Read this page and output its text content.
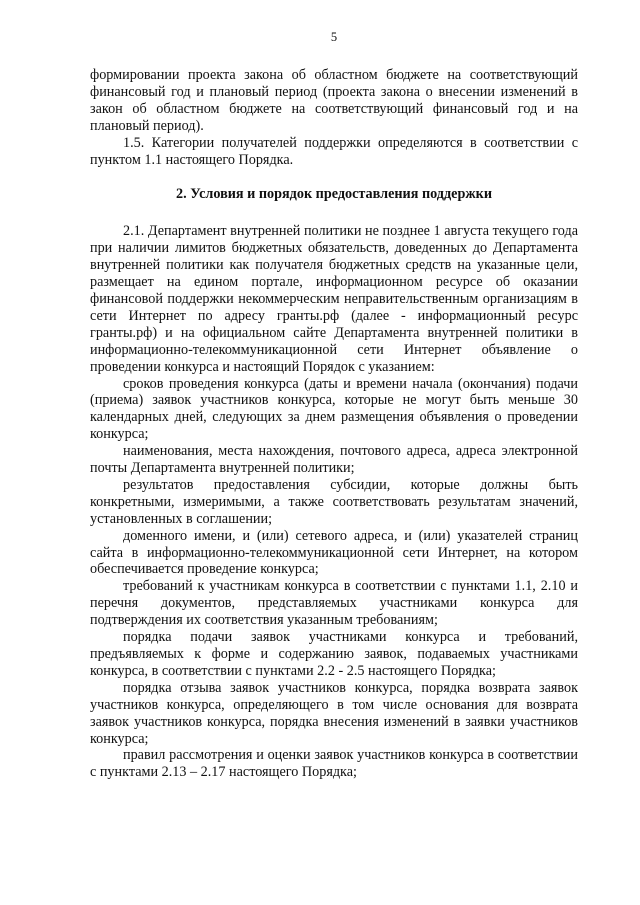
5

формировании проекта закона об областном бюджете на соответствующий финансовый год и плановый период (проекта закона о внесении изменений в закон об областном бюджете на соответствующий финансовый год и на плановый период).

1.5. Категории получателей поддержки определяются в соответствии с пунктом 1.1 настоящего Порядка.

2. Условия и порядок предоставления поддержки

2.1. Департамент внутренней политики не позднее 1 августа текущего года при наличии лимитов бюджетных обязательств, доведенных до Департамента внутренней политики как получателя бюджетных средств на указанные цели, размещает на едином портале, информационном ресурсе об оказании финансовой поддержки некоммерческим неправительственным организациям в сети Интернет по адресу гранты.рф (далее - информационный ресурс гранты.рф) и на официальном сайте Департамента внутренней политики в информационно-телекоммуникационной сети Интернет объявление о проведении конкурса и настоящий Порядок с указанием:

сроков проведения конкурса (даты и времени начала (окончания) подачи (приема) заявок участников конкурса, которые не могут быть меньше 30 календарных дней, следующих за днем размещения объявления о проведении конкурса;

наименования, места нахождения, почтового адреса, адреса электронной почты Департамента внутренней политики;

результатов предоставления субсидии, которые должны быть конкретными, измеримыми, а также соответствовать результатам значений, установленных в соглашении;

доменного имени, и (или) сетевого адреса, и (или) указателей страниц сайта в информационно-телекоммуникационной сети Интернет, на котором обеспечивается проведение конкурса;

требований к участникам конкурса в соответствии с пунктами 1.1, 2.10 и перечня документов, представляемых участниками конкурса для подтверждения их соответствия указанным требованиям;

порядка подачи заявок участниками конкурса и требований, предъявляемых к форме и содержанию заявок, подаваемых участниками конкурса, в соответствии с пунктами 2.2 - 2.5 настоящего Порядка;

порядка отзыва заявок участников конкурса, порядка возврата заявок участников конкурса, определяющего в том числе основания для возврата заявок участников конкурса, порядка внесения изменений в заявки участников конкурса;

правил рассмотрения и оценки заявок участников конкурса в соответствии с пунктами 2.13 – 2.17 настоящего Порядка;
